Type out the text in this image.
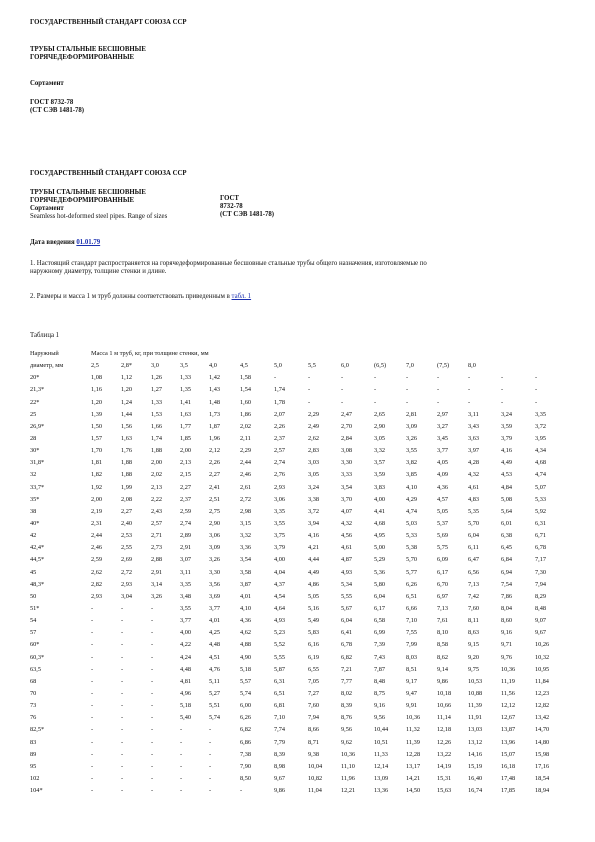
ГОСУДАРСТВЕННЫЙ СТАНДАРТ СОЮЗА ССР
ТРУБЫ СТАЛЬНЫЕ БЕСШОВНЫЕ
ГОРЯЧЕДЕФОРМИРОВАННЫЕ
Сортамент
ГОСТ 8732-78
(СТ СЭВ 1481-78)
ГОСУДАРСТВЕННЫЙ СТАНДАРТ СОЮЗА ССР
ТРУБЫ СТАЛЬНЫЕ БЕСШОВНЫЕ
ГОРЯЧЕДЕФОРМИРОВАННЫЕ
Сортамент
Seamless hot-deformed steel pipes. Range of sizes
ГОСТ
8732-78
(СТ СЭВ 1481-78)
Дата введения 01.01.79
1. Настоящий стандарт распространяется на горячедеформированные бесшовные стальные трубы общего назначения, изготовляемые по
наружному диаметру, толщине стенки и длине.
2. Размеры и масса 1 м труб должны соответствовать приведенным в табл. 1
Таблица 1
Наружный	Масса 1 м труб, кг, при толщине стенки, мм
диаметр, мм	2,5	2,8*	3,0	3,5	4,0	4,5	5,0	5,5	6,0	(6,5)	7,0	(7,5)	8,0
20*	1,08	1,12	1,26	1,33	1,42	1,58	-	-	-	-	-	-	-	-	-
21,3*	1,16	1,20	1,27	1,35	1,43	1,54	1,74	-	-	-	-	-	-	-	-
22*	1,20	1,24	1,33	1,41	1,48	1,60	1,78	-	-	-	-	-	-	-	-
25	1,39	1,44	1,53	1,63	1,73	1,86	2,07	2,29	2,47	2,65	2,81	2,97	3,11	3,24	3,35
26,9*	1,50	1,56	1,66	1,77	1,87	2,02	2,26	2,49	2,70	2,90	3,09	3,27	3,43	3,59	3,72
28	1,57	1,63	1,74	1,85	1,96	2,11	2,37	2,62	2,84	3,05	3,26	3,45	3,63	3,79	3,95
30*	1,70	1,76	1,88	2,00	2,12	2,29	2,57	2,83	3,08	3,32	3,55	3,77	3,97	4,16	4,34
31,8*	1,81	1,88	2,00	2,13	2,26	2,44	2,74	3,03	3,30	3,57	3,82	4,05	4,28	4,49	4,68
32	1,82	1,88	2,02	2,15	2,27	2,46	2,76	3,05	3,33	3,59	3,85	4,09	4,32	4,53	4,74
33,7*	1,92	1,99	2,13	2,27	2,41	2,61	2,93	3,24	3,54	3,83	4,10	4,36	4,61	4,84	5,07
35*	2,00	2,08	2,22	2,37	2,51	2,72	3,06	3,38	3,70	4,00	4,29	4,57	4,83	5,08	5,33
38	2,19	2,27	2,43	2,59	2,75	2,98	3,35	3,72	4,07	4,41	4,74	5,05	5,35	5,64	5,92
40*	2,31	2,40	2,57	2,74	2,90	3,15	3,55	3,94	4,32	4,68	5,03	5,37	5,70	6,01	6,31
42	2,44	2,53	2,71	2,89	3,06	3,32	3,75	4,16	4,56	4,95	5,33	5,69	6,04	6,38	6,71
42,4*	2,46	2,55	2,73	2,91	3,09	3,36	3,79	4,21	4,61	5,00	5,38	5,75	6,11	6,45	6,78
44,5*	2,59	2,69	2,88	3,07	3,26	3,54	4,00	4,44	4,87	5,29	5,70	6,09	6,47	6,84	7,17
45	2,62	2,72	2,91	3,11	3,30	3,58	4,04	4,49	4,93	5,36	5,77	6,17	6,56	6,94	7,30
48,3*	2,82	2,93	3,14	3,35	3,56	3,87	4,37	4,86	5,34	5,80	6,26	6,70	7,13	7,54	7,94
50	2,93	3,04	3,26	3,48	3,69	4,01	4,54	5,05	5,55	6,04	6,51	6,97	7,42	7,86	8,29
51*	-	-	-	3,55	3,77	4,10	4,64	5,16	5,67	6,17	6,66	7,13	7,60	8,04	8,48
54	-	-	-	3,77	4,01	4,36	4,93	5,49	6,04	6,58	7,10	7,61	8,11	8,60	9,07
57	-	-	-	4,00	4,25	4,62	5,23	5,83	6,41	6,99	7,55	8,10	8,63	9,16	9,67
60*	-	-	-	4,22	4,48	4,88	5,52	6,16	6,78	7,39	7,99	8,58	9,15	9,71	10,26
60,3*	-	-	-	4,24	4,51	4,90	5,55	6,19	6,82	7,43	8,03	8,62	9,20	9,76	10,32
63,5	-	-	-	4,48	4,76	5,18	5,87	6,55	7,21	7,87	8,51	9,14	9,75	10,36	10,95
68	-	-	-	4,81	5,11	5,57	6,31	7,05	7,77	8,48	9,17	9,86	10,53	11,19	11,84
70	-	-	-	4,96	5,27	5,74	6,51	7,27	8,02	8,75	9,47	10,18	10,88	11,56	12,23
73	-	-	-	5,18	5,51	6,00	6,81	7,60	8,39	9,16	9,91	10,66	11,39	12,12	12,82
76	-	-	-	5,40	5,74	6,26	7,10	7,94	8,76	9,56	10,36	11,14	11,91	12,67	13,42
82,5*	-	-	-	-	-	6,82	7,74	8,66	9,56	10,44	11,32	12,18	13,03	13,87	14,70
83	-	-	-	-	-	6,86	7,79	8,71	9,62	10,51	11,39	12,26	13,12	13,96	14,80
89	-	-	-	-	-	7,38	8,39	9,38	10,36	11,33	12,28	13,22	14,16	15,07	15,98
95	-	-	-	-	-	7,90	8,98	10,04	11,10	12,14	13,17	14,19	15,19	16,18	17,16
102	-	-	-	-	-	8,50	9,67	10,82	11,96	13,09	14,21	15,31	16,40	17,48	18,54
104*	-	-	-	-	-	-	9,86	11,04	12,21	13,36	14,50	15,63	16,74	17,85	18,94
